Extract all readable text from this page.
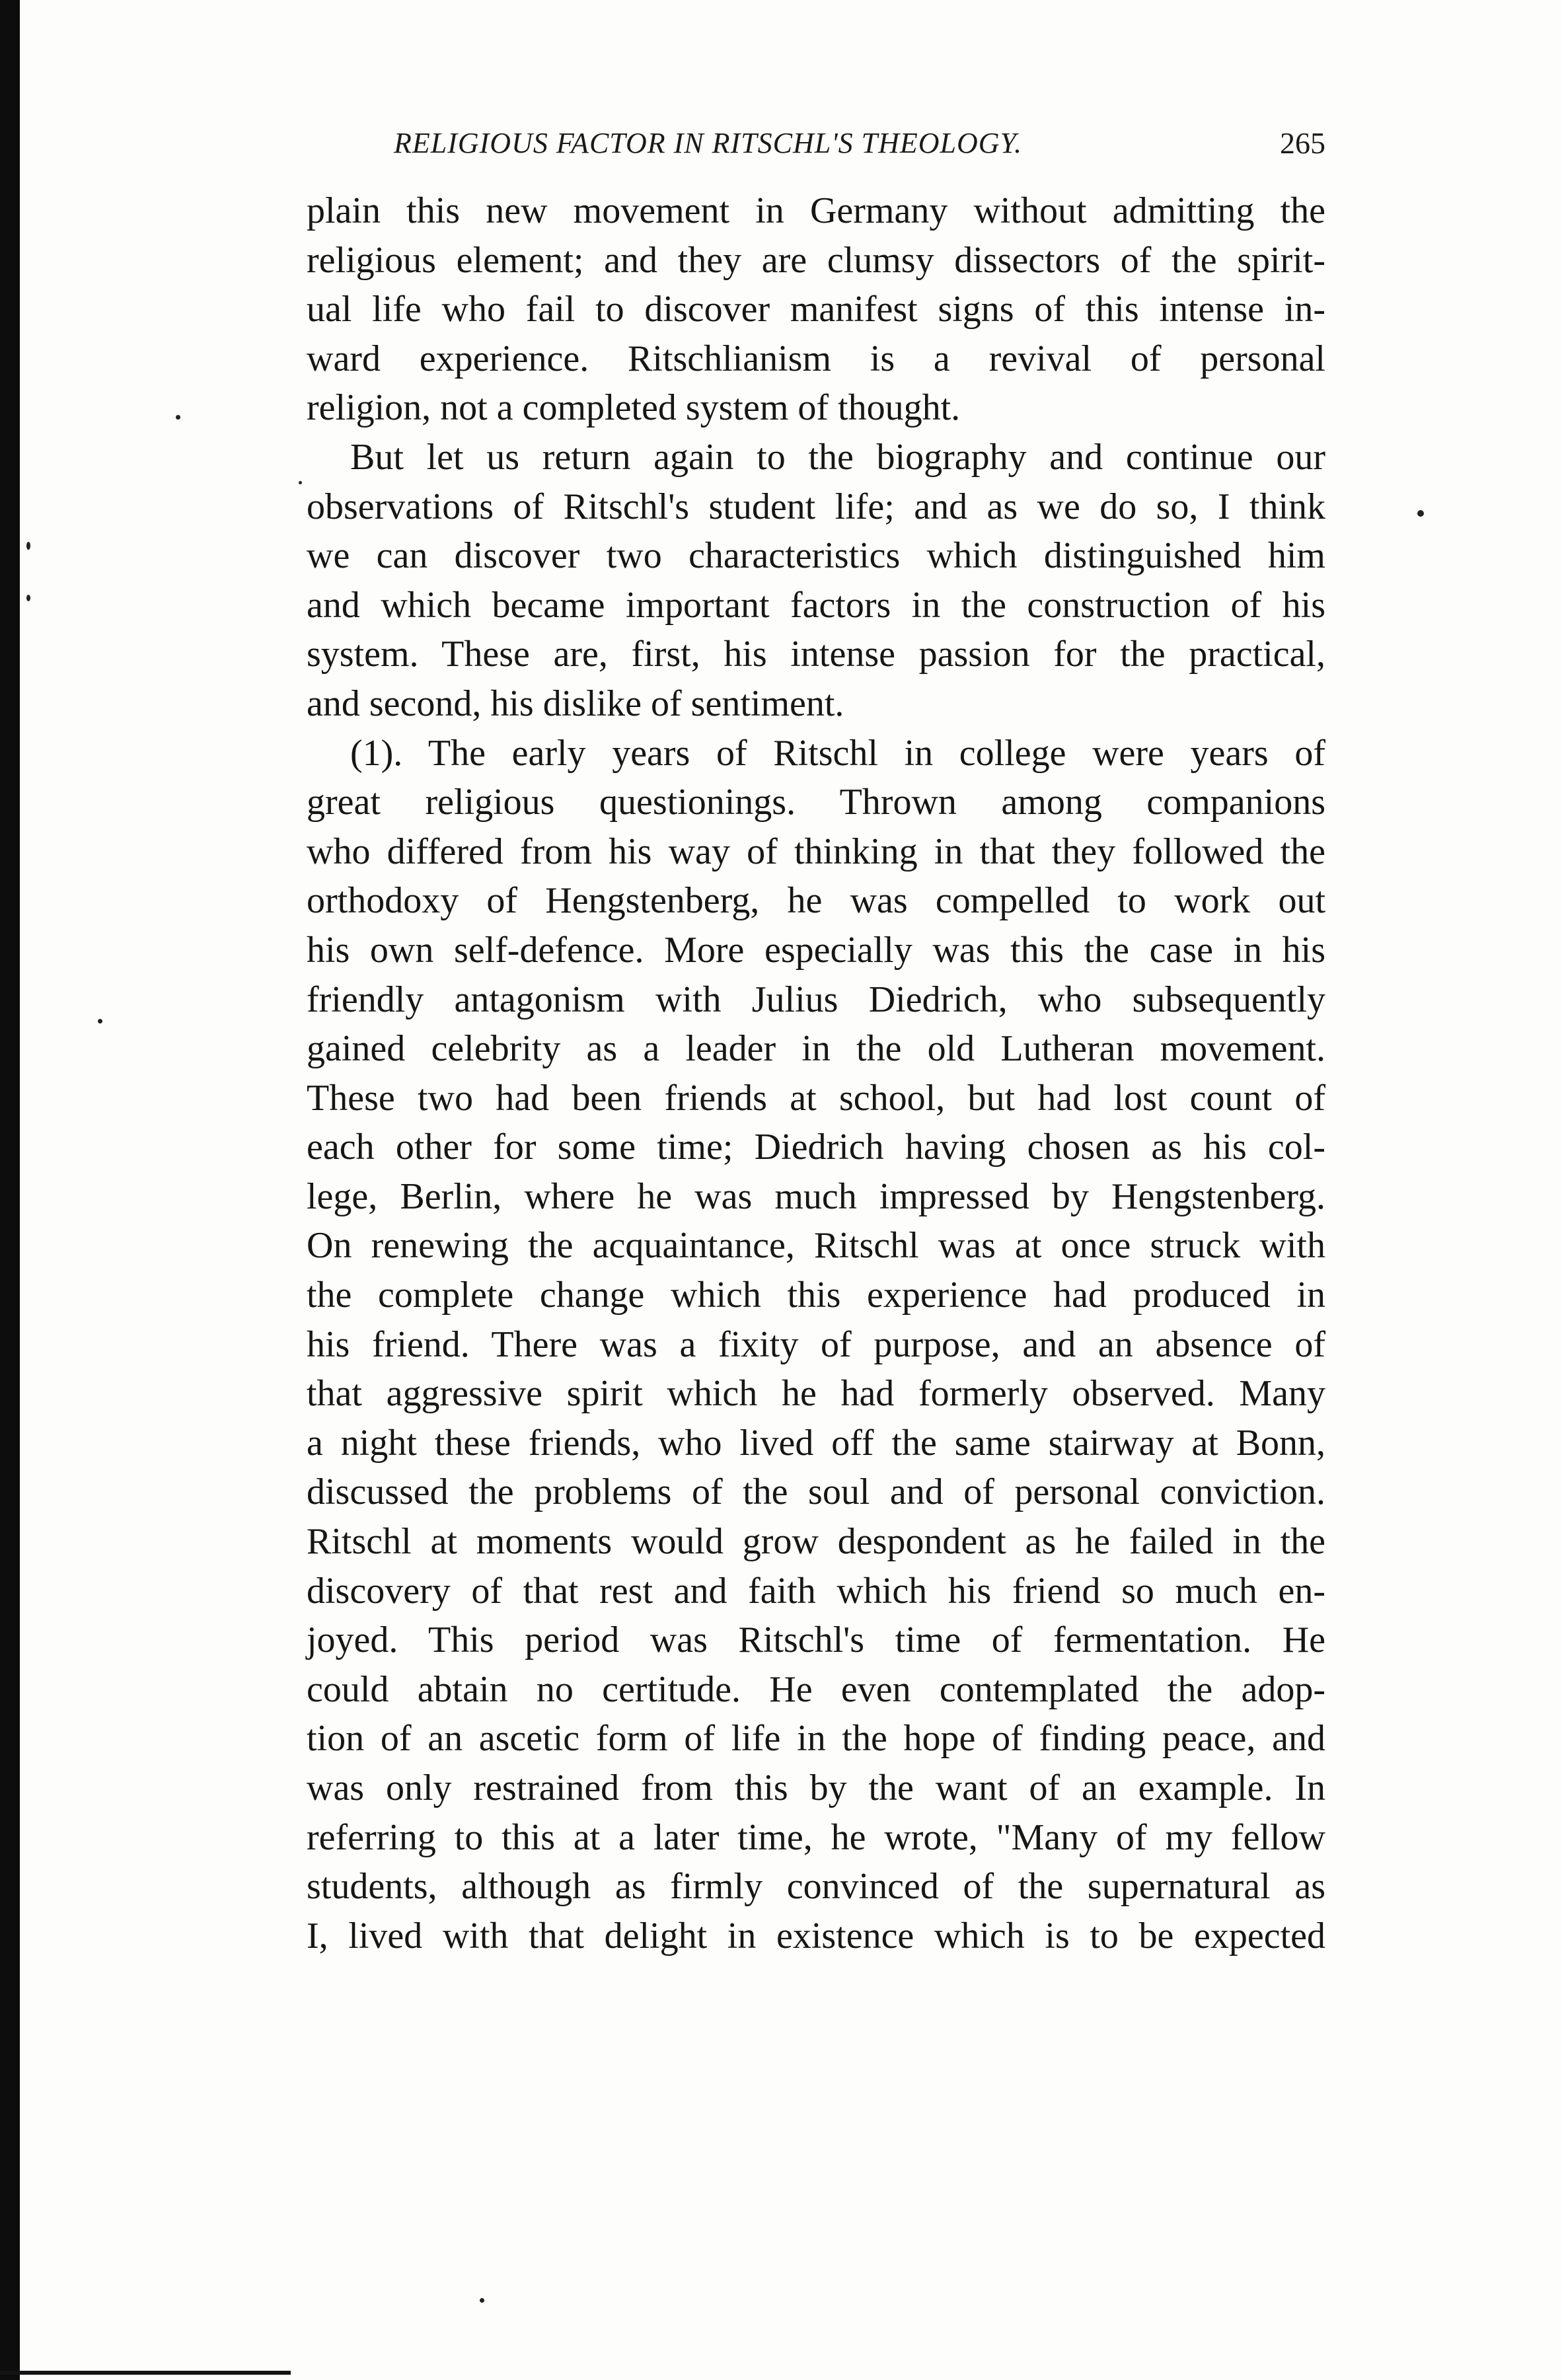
RELIGIOUS FACTOR IN RITSCHL'S THEOLOGY.	265
plain this new movement in Germany without admitting the
religious element; and they are clumsy dissectors of the spirit-
ual life who fail to discover manifest signs of this intense in-
ward experience. Ritschlianism is a revival of personal
religion, not a completed system of thought.
But let us return again to the biography and continue our
observations of Ritschl's student life; and as we do so, I think
we can discover two characteristics which distinguished him
and which became important factors in the construction of his
system. These are, first, his intense passion for the practical,
and second, his dislike of sentiment.
(1). The early years of Ritschl in college were years of
great religious questionings. Thrown among companions
who differed from his way of thinking in that they followed the
orthodoxy of Hengstenberg, he was compelled to work out
his own self-defence. More especially was this the case in his
friendly antagonism with Julius Diedrich, who subsequently
gained celebrity as a leader in the old Lutheran movement.
These two had been friends at school, but had lost count of
each other for some time; Diedrich having chosen as his col-
lege, Berlin, where he was much impressed by Hengstenberg.
On renewing the acquaintance, Ritschl was at once struck with
the complete change which this experience had produced in
his friend. There was a fixity of purpose, and an absence of
that aggressive spirit which he had formerly observed. Many
a night these friends, who lived off the same stairway at Bonn,
discussed the problems of the soul and of personal conviction.
Ritschl at moments would grow despondent as he failed in the
discovery of that rest and faith which his friend so much en-
joyed. This period was Ritschl's time of fermentation. He
could abtain no certitude. He even contemplated the adop-
tion of an ascetic form of life in the hope of finding peace, and
was only restrained from this by the want of an example. In
referring to this at a later time, he wrote, "Many of my fellow
students, although as firmly convinced of the supernatural as
I, lived with that delight in existence which is to be expected
